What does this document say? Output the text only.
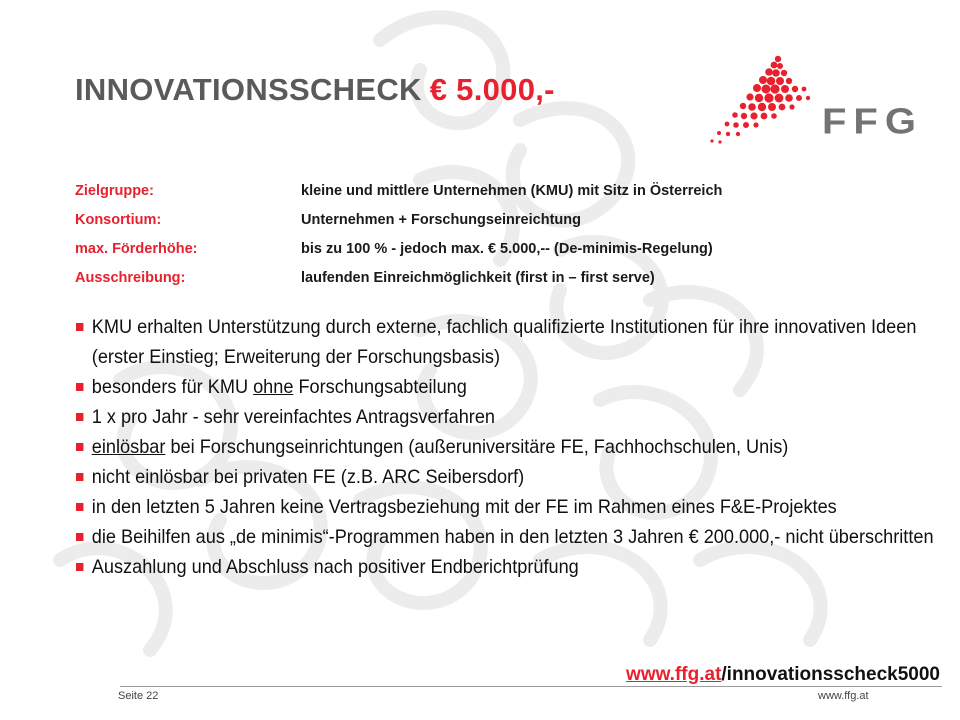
INNOVATIONSSCHECK € 5.000,-
FFG
Zielgruppe:	kleine und mittlere Unternehmen (KMU) mit Sitz in Österreich
Konsortium:	Unternehmen + Forschungseinreichtung
max. Förderhöhe:	bis zu 100 % - jedoch max. € 5.000,-- (De-minimis-Regelung)
Ausschreibung:	laufenden Einreichmöglichkeit (first in – first serve)
KMU erhalten Unterstützung durch externe, fachlich qualifizierte Institutionen für ihre innovativen Ideen (erster Einstieg; Erweiterung der Forschungsbasis)
besonders für KMU ohne Forschungsabteilung
1 x pro Jahr - sehr vereinfachtes Antragsverfahren
einlösbar bei Forschungseinrichtungen (außeruniversitäre FE, Fachhochschulen, Unis)
nicht einlösbar bei privaten FE (z.B. ARC Seibersdorf)
in den letzten 5 Jahren keine Vertragsbeziehung mit der FE im Rahmen eines F&E-Projektes
die Beihilfen aus „de minimis“-Programmen haben in den letzten 3 Jahren € 200.000,- nicht überschritten
Auszahlung und Abschluss nach positiver Endberichtprüfung
www.ffg.at/innovationsscheck5000
Seite 22	www.ffg.at
